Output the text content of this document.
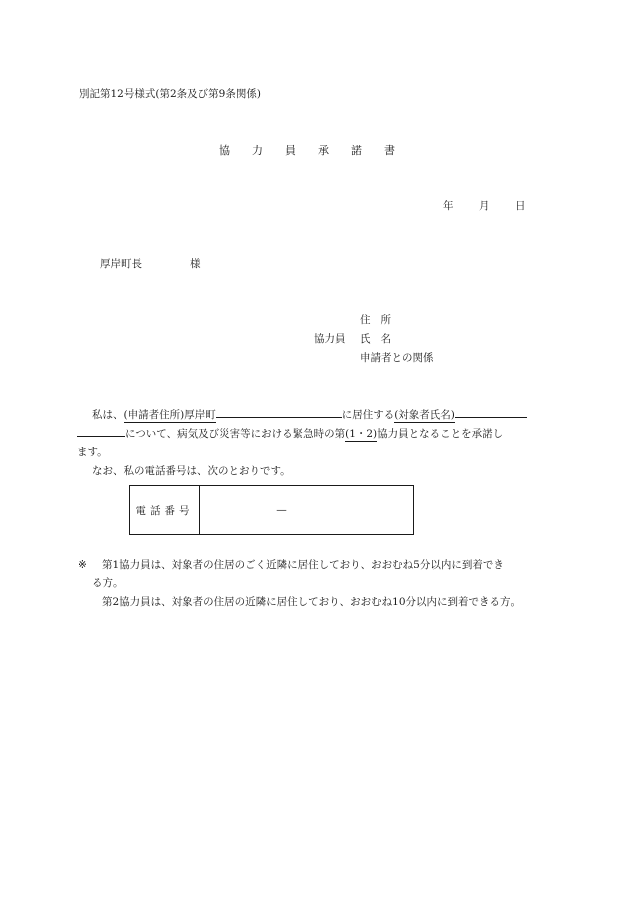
別記第12号様式(第2条及び第9条関係)
協力員承諾書
年	月	日
厚岸町長	様
住所
協力員 氏名
申請者との関係
私は、(申請者住所)厚岸町	に居住する(対象者氏名)
について、病気及び災害等における緊急時の第(1・2)協力員となることを承諾し
ます。
なお、私の電話番号は、次のとおりです。
電話番号	—
※ 第1協力員は、対象者の住居のごく近隣に居住しており、おおむね5分以内に到着でき
る方。
第2協力員は、対象者の住居の近隣に居住しており、おおむね10分以内に到着できる方。
